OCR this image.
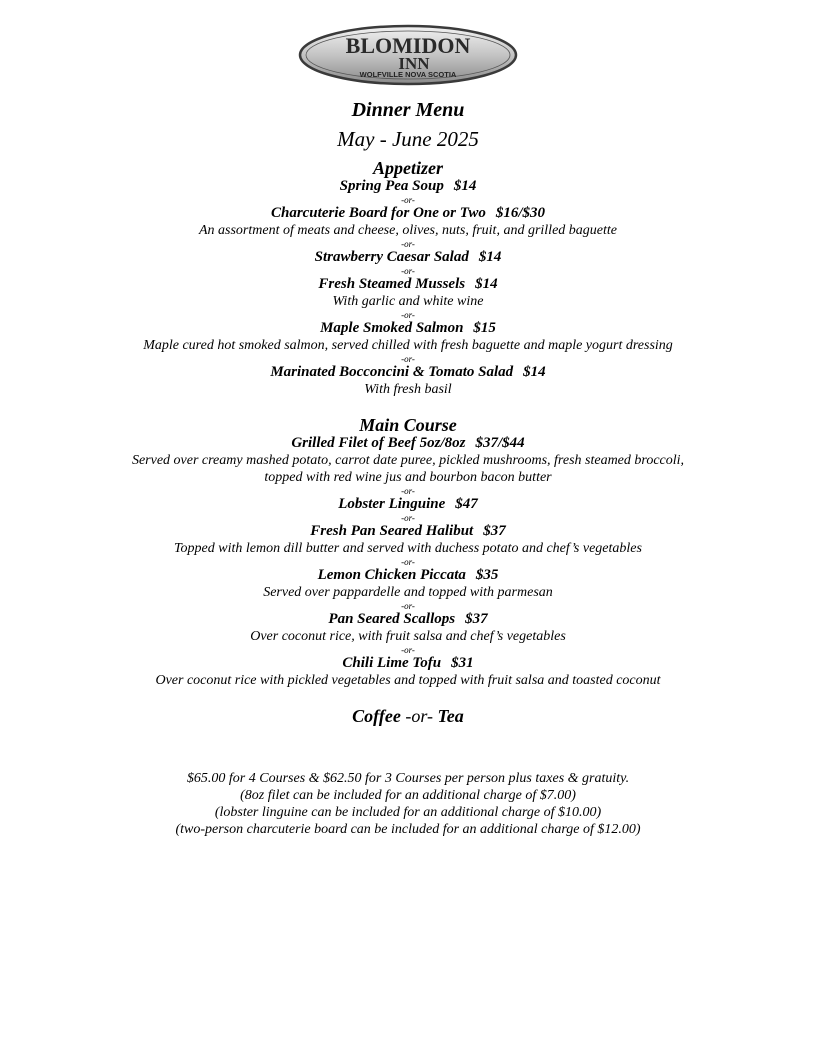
BLOMIDON
INN
WOLFVILLE NOVA SCOTIA
Dinner Menu
May - June 2025
Appetizer
Spring Pea Soup $14
-or-
Charcuterie Board for One or Two $16/$30
An assortment of meats and cheese, olives, nuts, fruit, and grilled baguette
-or-
Strawberry Caesar Salad $14
-or-
Fresh Steamed Mussels $14
With garlic and white wine
-or-
Maple Smoked Salmon $15
Maple cured hot smoked salmon, served chilled with fresh baguette and maple yogurt dressing
-or-
Marinated Bocconcini & Tomato Salad $14
With fresh basil
Main Course
Grilled Filet of Beef 5oz/8oz $37/$44
Served over creamy mashed potato, carrot date puree, pickled mushrooms, fresh steamed broccoli,
topped with red wine jus and bourbon bacon butter
-or-
Lobster Linguine $47
-or-
Fresh Pan Seared Halibut $37
Topped with lemon dill butter and served with duchess potato and chef’s vegetables
-or-
Lemon Chicken Piccata $35
Served over pappardelle and topped with parmesan
-or-
Pan Seared Scallops $37
Over coconut rice, with fruit salsa and chef’s vegetables
-or-
Chili Lime Tofu $31
Over coconut rice with pickled vegetables and topped with fruit salsa and toasted coconut
Coffee -or- Tea
$65.00 for 4 Courses & $62.50 for 3 Courses per person plus taxes & gratuity.
(8oz filet can be included for an additional charge of $7.00)
(lobster linguine can be included for an additional charge of $10.00)
(two-person charcuterie board can be included for an additional charge of $12.00)
